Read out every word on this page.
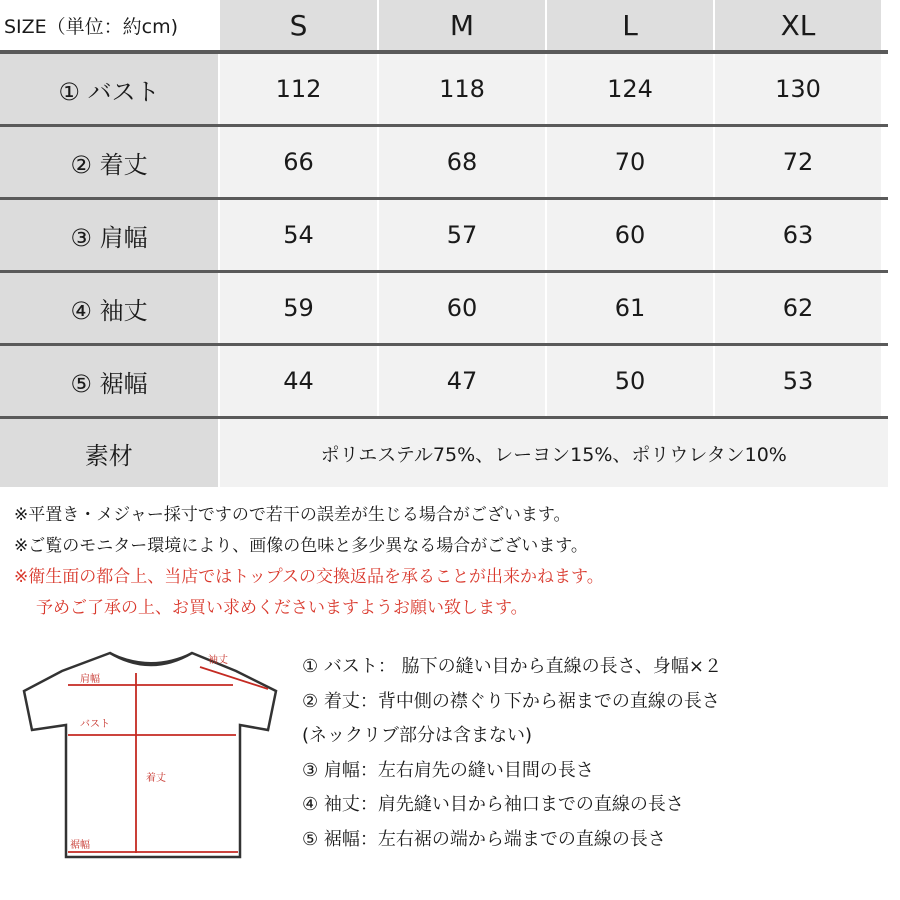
SIZE（単位：約cm)	S	M	L	XL
① バスト	112	118	124	130
② 着丈	66	68	70	72
③ 肩幅	54	57	60	63
④ 袖丈	59	60	61	62
⑤ 裾幅	44	47	50	53
素材	ポリエステル75%、レーヨン15%、ポリウレタン10%
※平置き・メジャー採寸ですので若干の誤差が生じる場合がございます。
※ご覧のモニター環境により、画像の色味と多少異なる場合がございます。
※衛生面の都合上、当店ではトップスの交換返品を承ることが出来かねます。
予めご了承の上、お買い求めくださいますようお願い致します。
肩幅
袖丈
バスト
着丈
裾幅
① バスト： 脇下の縫い目から直線の長さ、身幅×２
② 着丈：背中側の襟ぐり下から裾までの直線の長さ
(ネックリブ部分は含まない)
③ 肩幅：左右肩先の縫い目間の長さ
④ 袖丈：肩先縫い目から袖口までの直線の長さ
⑤ 裾幅：左右裾の端から端までの直線の長さ
